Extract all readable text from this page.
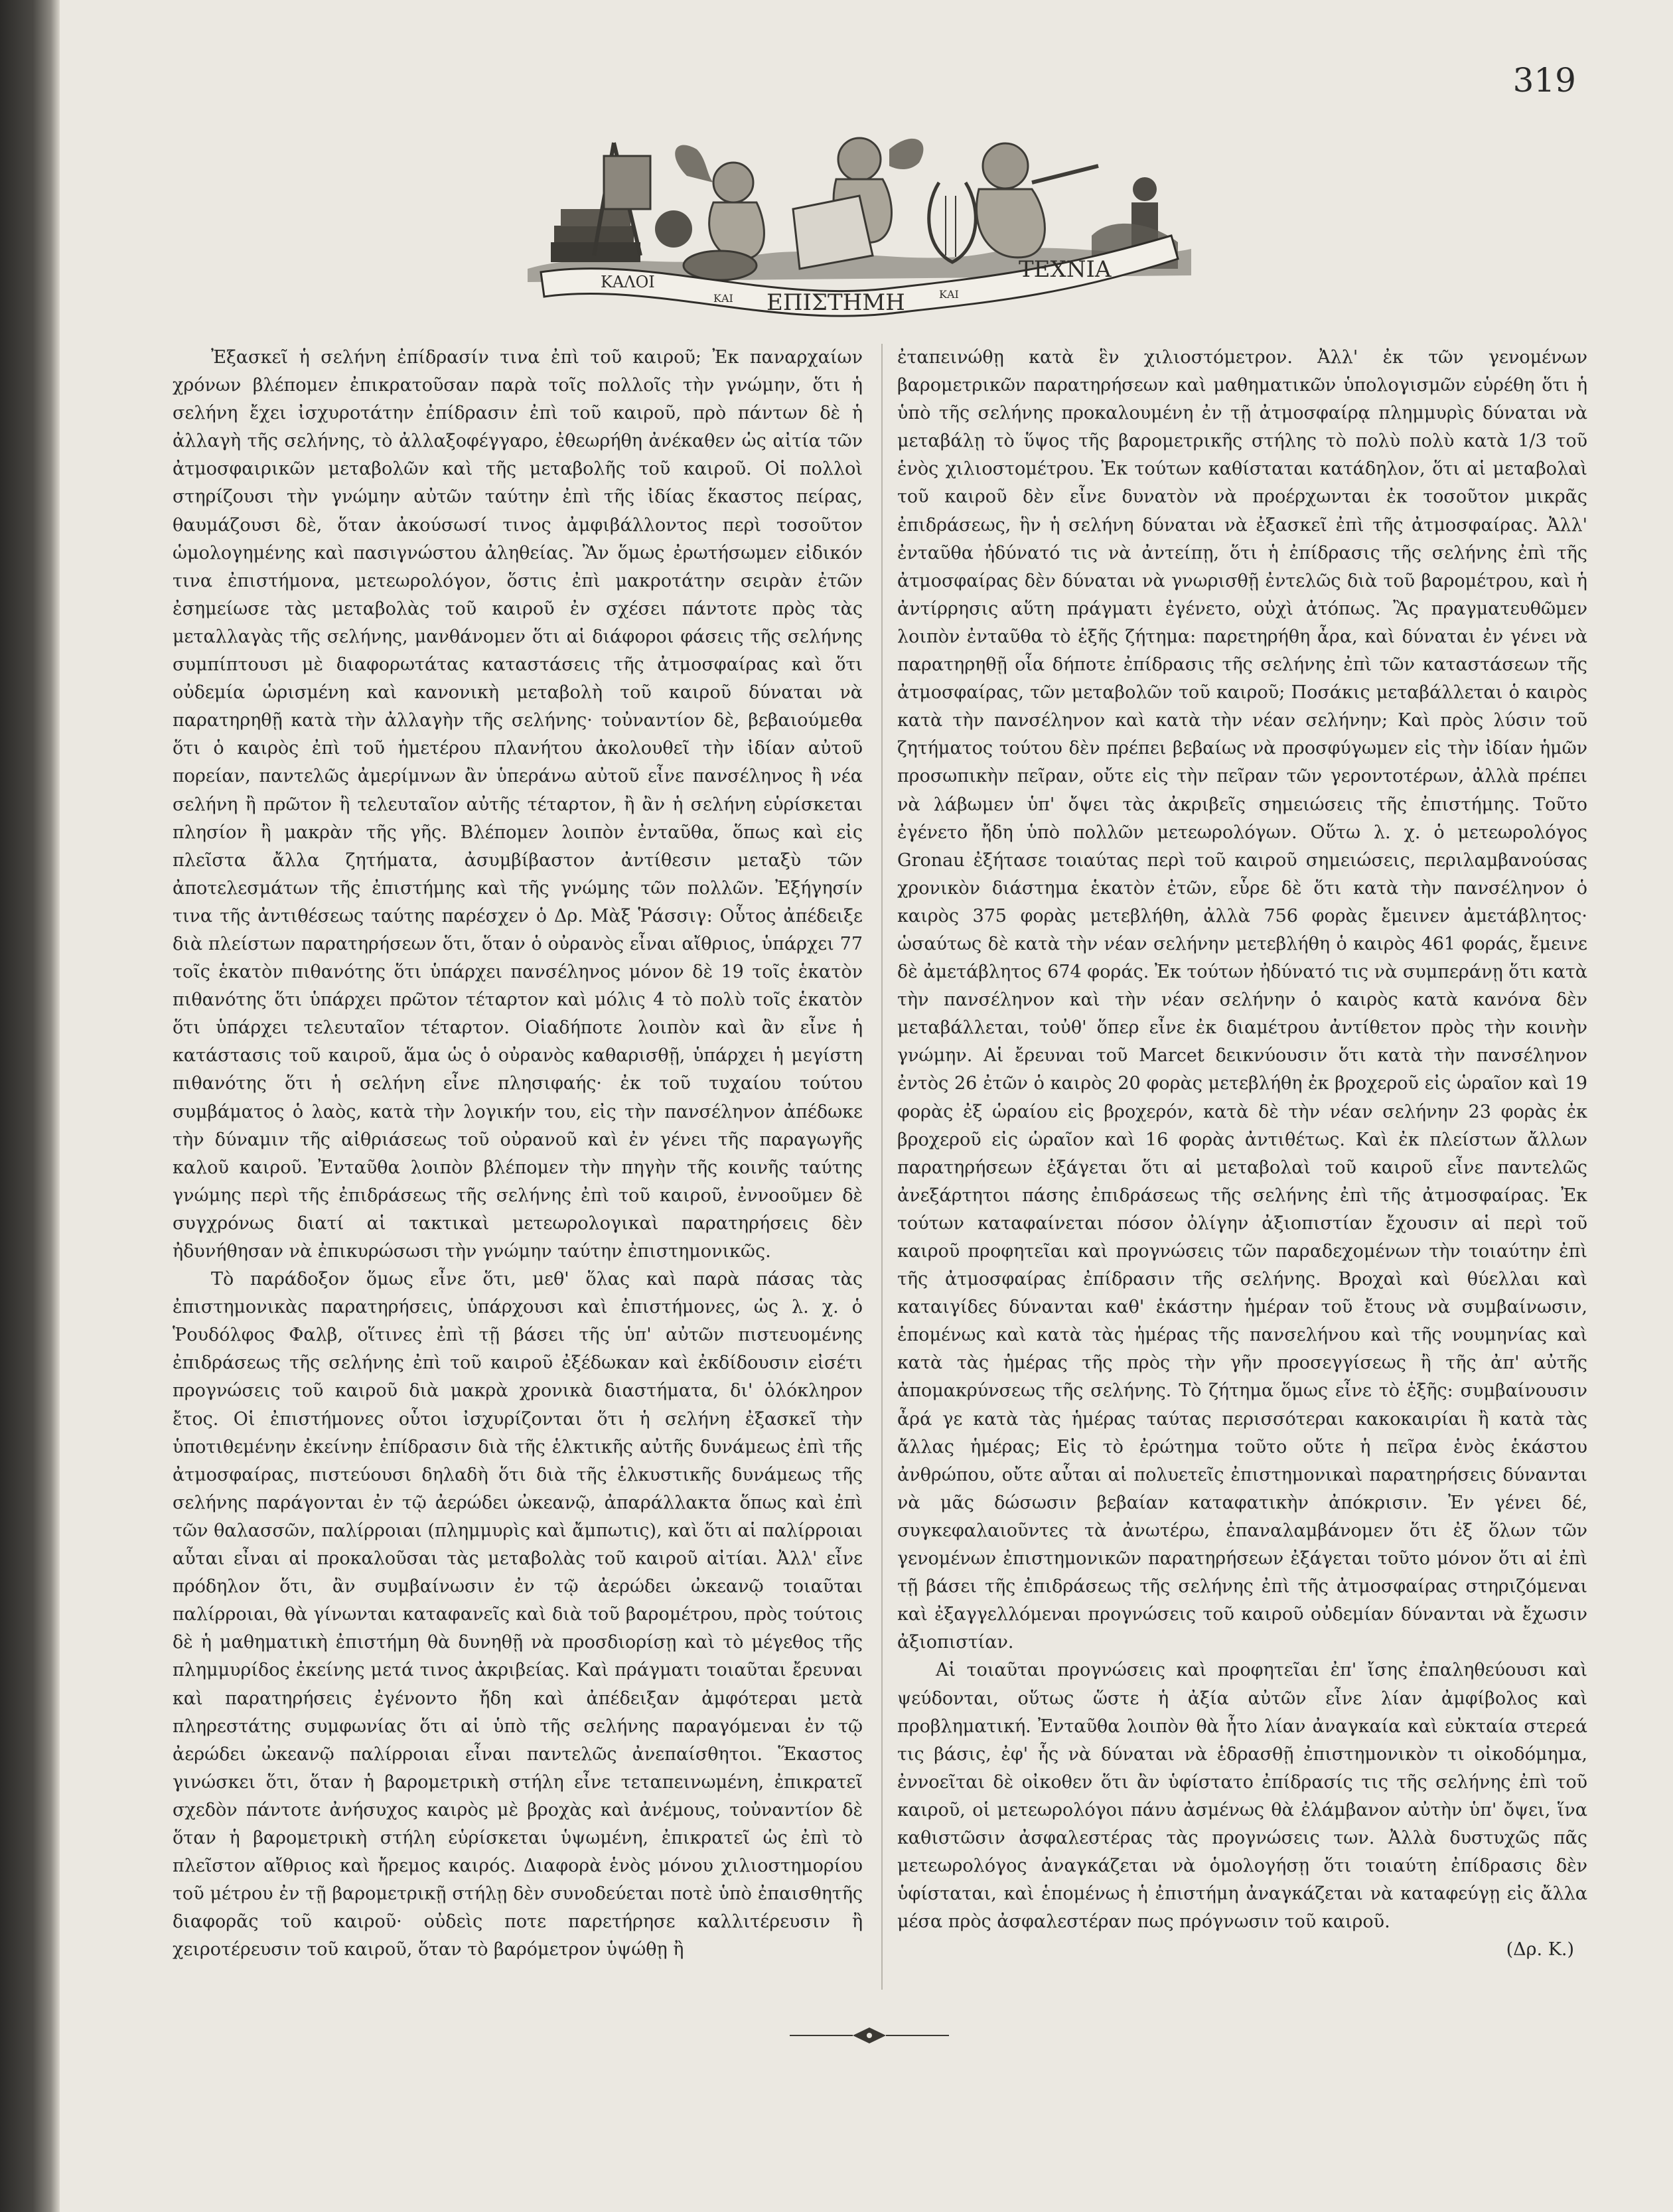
319
ΚΑΛΟΙ
ΚΑΙ ΕΠΙΣΤΗΜΗ	ΚΑΙ
ΤΕΧΝΙΑ

Ἐξασκεῖ ἡ σελήνη ἐπίδρασίν τινα ἐπὶ τοῦ καιροῦ; Ἐκ παναρχαίων χρόνων βλέπομεν ἐπικρατοῦσαν παρὰ τοῖς πολλοῖς τὴν γνώμην, ὅτι ἡ σελήνη ἔχει ἰσχυροτάτην ἐπίδρασιν ἐπὶ τοῦ καιροῦ, πρὸ πάντων δὲ ἡ ἀλλαγὴ τῆς σελήνης, τὸ ἀλλαξοφέγγαρο, ἐθεωρήθη ἀνέκαθεν ὡς αἰτία τῶν ἀτμοσφαιρικῶν μεταβολῶν καὶ τῆς μεταβολῆς τοῦ καιροῦ. Οἱ πολλοὶ στηρίζουσι τὴν γνώμην αὐτῶν ταύτην ἐπὶ τῆς ἰδίας ἕκαστος πείρας, θαυμάζουσι δὲ, ὅταν ἀκούσωσί τινος ἀμφιβάλλοντος περὶ τοσοῦτον ὡμολογημένης καὶ πασιγνώστου ἀληθείας. Ἂν ὅμως ἐρωτήσωμεν εἰδικόν τινα ἐπιστήμονα, μετεωρολόγον, ὅστις ἐπὶ μακροτάτην σειρὰν ἐτῶν ἐσημείωσε τὰς μεταβολὰς τοῦ καιροῦ ἐν σχέσει πάντοτε πρὸς τὰς μεταλλαγὰς τῆς σελήνης, μανθάνομεν ὅτι αἱ διάφοροι φάσεις τῆς σελήνης συμπίπτουσι μὲ διαφορωτάτας καταστάσεις τῆς ἀτμοσφαίρας καὶ ὅτι οὐδεμία ὡρισμένη καὶ κανονικὴ μεταβολὴ τοῦ καιροῦ δύναται νὰ παρατηρηθῇ κατὰ τὴν ἀλλαγὴν τῆς σελήνης· τοὐναντίον δὲ, βεβαιούμεθα ὅτι ὁ καιρὸς ἐπὶ τοῦ ἡμετέρου πλανήτου ἀκολουθεῖ τὴν ἰδίαν αὐτοῦ πορείαν, παντελῶς ἀμερίμνων ἂν ὑπεράνω αὐτοῦ εἶνε πανσέληνος ἢ νέα σελήνη ἢ πρῶτον ἢ τελευταῖον αὐτῆς τέταρτον, ἢ ἂν ἡ σελήνη εὑρίσκεται πλησίον ἢ μακρὰν τῆς γῆς. Βλέπομεν λοιπὸν ἐνταῦθα, ὅπως καὶ εἰς πλεῖστα ἄλλα ζητήματα, ἀσυμβίβαστον ἀντίθεσιν μεταξὺ τῶν ἀποτελεσμάτων τῆς ἐπιστήμης καὶ τῆς γνώμης τῶν πολλῶν. Ἐξήγησίν τινα τῆς ἀντιθέσεως ταύτης παρέσχεν ὁ Δρ. Μὰξ Ῥάσσιγ: Οὗτος ἀπέδειξε διὰ πλείστων παρατηρήσεων ὅτι, ὅταν ὁ οὐρανὸς εἶναι αἴθριος, ὑπάρχει 77 τοῖς ἑκατὸν πιθανότης ὅτι ὑπάρχει πανσέληνος μόνον δὲ 19 τοῖς ἑκατὸν πιθανότης ὅτι ὑπάρχει πρῶτον τέταρτον καὶ μόλις 4 τὸ πολὺ τοῖς ἑκατὸν ὅτι ὑπάρχει τελευταῖον τέταρτον. Οἱαδήποτε λοιπὸν καὶ ἂν εἶνε ἡ κατάστασις τοῦ καιροῦ, ἅμα ὡς ὁ οὐρανὸς καθαρισθῇ, ὑπάρχει ἡ μεγίστη πιθανότης ὅτι ἡ σελήνη εἶνε πλησιφαής· ἐκ τοῦ τυχαίου τούτου συμβάματος ὁ λαὸς, κατὰ τὴν λογικήν του, εἰς τὴν πανσέληνον ἀπέδωκε τὴν δύναμιν τῆς αἰθριάσεως τοῦ οὐρανοῦ καὶ ἐν γένει τῆς παραγωγῆς καλοῦ καιροῦ. Ἐνταῦθα λοιπὸν βλέπομεν τὴν πηγὴν τῆς κοινῆς ταύτης γνώμης περὶ τῆς ἐπιδράσεως τῆς σελήνης ἐπὶ τοῦ καιροῦ, ἐννοοῦμεν δὲ συγχρόνως διατί αἱ τακτικαὶ μετεωρολογικαὶ παρατηρήσεις δὲν ἠδυνήθησαν νὰ ἐπικυρώσωσι τὴν γνώμην ταύτην ἐπιστημονικῶς.

Τὸ παράδοξον ὅμως εἶνε ὅτι, μεθ' ὅλας καὶ παρὰ πάσας τὰς ἐπιστημονικὰς παρατηρήσεις, ὑπάρχουσι καὶ ἐπιστήμονες, ὡς λ. χ. ὁ Ῥουδόλφος Φαλβ, οἵτινες ἐπὶ τῇ βάσει τῆς ὑπ' αὐτῶν πιστευομένης ἐπιδράσεως τῆς σελήνης ἐπὶ τοῦ καιροῦ ἐξέδωκαν καὶ ἐκδίδουσιν εἰσέτι προγνώσεις τοῦ καιροῦ διὰ μακρὰ χρονικὰ διαστήματα, δι' ὁλόκληρον ἔτος. Οἱ ἐπιστήμονες οὗτοι ἰσχυρίζονται ὅτι ἡ σελήνη ἐξασκεῖ τὴν ὑποτιθεμένην ἐκείνην ἐπίδρασιν διὰ τῆς ἑλκτικῆς αὐτῆς δυνάμεως ἐπὶ τῆς ἀτμοσφαίρας, πιστεύουσι δηλαδὴ ὅτι διὰ τῆς ἑλκυστικῆς δυνάμεως τῆς σελήνης παράγονται ἐν τῷ ἀερώδει ὠκεανῷ, ἀπαράλλακτα ὅπως καὶ ἐπὶ τῶν θαλασσῶν, παλίρροιαι (πλημμυρὶς καὶ ἄμπωτις), καὶ ὅτι αἱ παλίρροιαι αὗται εἶναι αἱ προκαλοῦσαι τὰς μεταβολὰς τοῦ καιροῦ αἰτίαι. Ἀλλ' εἶνε πρόδηλον ὅτι, ἂν συμβαίνωσιν ἐν τῷ ἀερώδει ὠκεανῷ τοιαῦται παλίρροιαι, θὰ γίνωνται καταφανεῖς καὶ διὰ τοῦ βαρομέτρου, πρὸς τούτοις δὲ ἡ μαθηματικὴ ἐπιστήμη θὰ δυνηθῇ νὰ προσδιορίσῃ καὶ τὸ μέγεθος τῆς πλημμυρίδος ἐκείνης μετά τινος ἀκριβείας. Καὶ πράγματι τοιαῦται ἔρευναι καὶ παρατηρήσεις ἐγένοντο ἤδη καὶ ἀπέδειξαν ἀμφότεραι μετὰ πληρεστάτης συμφωνίας ὅτι αἱ ὑπὸ τῆς σελήνης παραγόμεναι ἐν τῷ ἀερώδει ὠκεανῷ παλίρροιαι εἶναι παντελῶς ἀνεπαίσθητοι. Ἕκαστος γινώσκει ὅτι, ὅταν ἡ βαρομετρικὴ στήλη εἶνε τεταπεινωμένη, ἐπικρατεῖ σχεδὸν πάντοτε ἀνήσυχος καιρὸς μὲ βροχὰς καὶ ἀνέμους, τοὐναντίον δὲ ὅταν ἡ βαρομετρικὴ στήλη εὑρίσκεται ὑψωμένη, ἐπικρατεῖ ὡς ἐπὶ τὸ πλεῖστον αἴθριος καὶ ἤρεμος καιρός. Διαφορὰ ἑνὸς μόνου χιλιοστημορίου τοῦ μέτρου ἐν τῇ βαρομετρικῇ στήλῃ δὲν συνοδεύεται ποτὲ ὑπὸ ἐπαισθητῆς διαφορᾶς τοῦ καιροῦ· οὐδεὶς ποτε παρετήρησε καλλιτέρευσιν ἢ χειροτέρευσιν τοῦ καιροῦ, ὅταν τὸ βαρόμετρον ὑψώθῃ ἢ

ἐταπεινώθῃ κατὰ ἓν χιλιοστόμετρον. Ἀλλ' ἐκ τῶν γενομένων βαρομετρικῶν παρατηρήσεων καὶ μαθηματικῶν ὑπολογισμῶν εὑρέθη ὅτι ἡ ὑπὸ τῆς σελήνης προκαλουμένη ἐν τῇ ἀτμοσφαίρᾳ πλημμυρὶς δύναται νὰ μεταβάλῃ τὸ ὕψος τῆς βαρομετρικῆς στήλης τὸ πολὺ πολὺ κατὰ 1/3 τοῦ ἑνὸς χιλιοστομέτρου. Ἐκ τούτων καθίσταται κατάδηλον, ὅτι αἱ μεταβολαὶ τοῦ καιροῦ δὲν εἶνε δυνατὸν νὰ προέρχωνται ἐκ τοσοῦτον μικρᾶς ἐπιδράσεως, ἣν ἡ σελήνη δύναται νὰ ἐξασκεῖ ἐπὶ τῆς ἀτμοσφαίρας. Ἀλλ' ἐνταῦθα ἠδύνατό τις νὰ ἀντείπῃ, ὅτι ἡ ἐπίδρασις τῆς σελήνης ἐπὶ τῆς ἀτμοσφαίρας δὲν δύναται νὰ γνωρισθῇ ἐντελῶς διὰ τοῦ βαρομέτρου, καὶ ἡ ἀντίρρησις αὕτη πράγματι ἐγένετο, οὐχὶ ἀτόπως. Ἂς πραγματευθῶμεν λοιπὸν ἐνταῦθα τὸ ἑξῆς ζήτημα: παρετηρήθη ἆρα, καὶ δύναται ἐν γένει νὰ παρατηρηθῇ οἷα δήποτε ἐπίδρασις τῆς σελήνης ἐπὶ τῶν καταστάσεων τῆς ἀτμοσφαίρας, τῶν μεταβολῶν τοῦ καιροῦ; Ποσάκις μεταβάλλεται ὁ καιρὸς κατὰ τὴν πανσέληνον καὶ κατὰ τὴν νέαν σελήνην; Καὶ πρὸς λύσιν τοῦ ζητήματος τούτου δὲν πρέπει βεβαίως νὰ προσφύγωμεν εἰς τὴν ἰδίαν ἡμῶν προσωπικὴν πεῖραν, οὔτε εἰς τὴν πεῖραν τῶν γεροντοτέρων, ἀλλὰ πρέπει νὰ λάβωμεν ὑπ' ὄψει τὰς ἀκριβεῖς σημειώσεις τῆς ἐπιστήμης. Τοῦτο ἐγένετο ἤδη ὑπὸ πολλῶν μετεωρολόγων. Οὕτω λ. χ. ὁ μετεωρολόγος Gronau ἐξήτασε τοιαύτας περὶ τοῦ καιροῦ σημειώσεις, περιλαμβανούσας χρονικὸν διάστημα ἑκατὸν ἐτῶν, εὗρε δὲ ὅτι κατὰ τὴν πανσέληνον ὁ καιρὸς 375 φορὰς μετεβλήθη, ἀλλὰ 756 φορὰς ἔμεινεν ἀμετάβλητος· ὡσαύτως δὲ κατὰ τὴν νέαν σελήνην μετεβλήθη ὁ καιρὸς 461 φοράς, ἔμεινε δὲ ἀμετάβλητος 674 φοράς. Ἐκ τούτων ἠδύνατό τις νὰ συμπεράνῃ ὅτι κατὰ τὴν πανσέληνον καὶ τὴν νέαν σελήνην ὁ καιρὸς κατὰ κανόνα δὲν μεταβάλλεται, τοὐθ' ὅπερ εἶνε ἐκ διαμέτρου ἀντίθετον πρὸς τὴν κοινὴν γνώμην. Αἱ ἔρευναι τοῦ Marcet δεικνύουσιν ὅτι κατὰ τὴν πανσέληνον ἐντὸς 26 ἐτῶν ὁ καιρὸς 20 φορὰς μετεβλήθη ἐκ βροχεροῦ εἰς ὡραῖον καὶ 19 φορὰς ἐξ ὡραίου εἰς βροχερόν, κατὰ δὲ τὴν νέαν σελήνην 23 φορὰς ἐκ βροχεροῦ εἰς ὡραῖον καὶ 16 φορὰς ἀντιθέτως. Καὶ ἐκ πλείστων ἄλλων παρατηρήσεων ἐξάγεται ὅτι αἱ μεταβολαὶ τοῦ καιροῦ εἶνε παντελῶς ἀνεξάρτητοι πάσης ἐπιδράσεως τῆς σελήνης ἐπὶ τῆς ἀτμοσφαίρας. Ἐκ τούτων καταφαίνεται πόσον ὀλίγην ἀξιοπιστίαν ἔχουσιν αἱ περὶ τοῦ καιροῦ προφητεῖαι καὶ προγνώσεις τῶν παραδεχομένων τὴν τοιαύτην ἐπὶ τῆς ἀτμοσφαίρας ἐπίδρασιν τῆς σελήνης. Βροχαὶ καὶ θύελλαι καὶ καταιγίδες δύνανται καθ' ἑκάστην ἡμέραν τοῦ ἔτους νὰ συμβαίνωσιν, ἑπομένως καὶ κατὰ τὰς ἡμέρας τῆς πανσελήνου καὶ τῆς νουμηνίας καὶ κατὰ τὰς ἡμέρας τῆς πρὸς τὴν γῆν προσεγγίσεως ἢ τῆς ἀπ' αὐτῆς ἀπομακρύνσεως τῆς σελήνης. Τὸ ζήτημα ὅμως εἶνε τὸ ἑξῆς: συμβαίνουσιν ἆρά γε κατὰ τὰς ἡμέρας ταύτας περισσότεραι κακοκαιρίαι ἢ κατὰ τὰς ἄλλας ἡμέρας; Εἰς τὸ ἐρώτημα τοῦτο οὔτε ἡ πεῖρα ἑνὸς ἑκάστου ἀνθρώπου, οὔτε αὗται αἱ πολυετεῖς ἐπιστημονικαὶ παρατηρήσεις δύνανται νὰ μᾶς δώσωσιν βεβαίαν καταφατικὴν ἀπόκρισιν. Ἐν γένει δέ, συγκεφαλαιοῦντες τὰ ἀνωτέρω, ἐπαναλαμβάνομεν ὅτι ἐξ ὅλων τῶν γενομένων ἐπιστημονικῶν παρατηρήσεων ἐξάγεται τοῦτο μόνον ὅτι αἱ ἐπὶ τῇ βάσει τῆς ἐπιδράσεως τῆς σελήνης ἐπὶ τῆς ἀτμοσφαίρας στηριζόμεναι καὶ ἐξαγγελλόμεναι προγνώσεις τοῦ καιροῦ οὐδεμίαν δύνανται νὰ ἔχωσιν ἀξιοπιστίαν.

Αἱ τοιαῦται προγνώσεις καὶ προφητεῖαι ἐπ' ἴσης ἐπαληθεύουσι καὶ ψεύδονται, οὕτως ὥστε ἡ ἀξία αὐτῶν εἶνε λίαν ἀμφίβολος καὶ προβληματική. Ἐνταῦθα λοιπὸν θὰ ἦτο λίαν ἀναγκαία καὶ εὐκταία στερεά τις βάσις, ἐφ' ἧς νὰ δύναται νὰ ἑδρασθῇ ἐπιστημονικὸν τι οἰκοδόμημα, ἐννοεῖται δὲ οἰκοθεν ὅτι ἂν ὑφίστατο ἐπίδρασίς τις τῆς σελήνης ἐπὶ τοῦ καιροῦ, οἱ μετεωρολόγοι πάνυ ἀσμένως θὰ ἐλάμβανον αὐτὴν ὑπ' ὄψει, ἵνα καθιστῶσιν ἀσφαλεστέρας τὰς προγνώσεις των. Ἀλλὰ δυστυχῶς πᾶς μετεωρολόγος ἀναγκάζεται νὰ ὁμολογήσῃ ὅτι τοιαύτη ἐπίδρασις δὲν ὑφίσταται, καὶ ἑπομένως ἡ ἐπιστήμη ἀναγκάζεται νὰ καταφεύγῃ εἰς ἄλλα μέσα πρὸς ἀσφαλεστέραν πως πρόγνωσιν τοῦ καιροῦ.

(Δρ. Κ.)
